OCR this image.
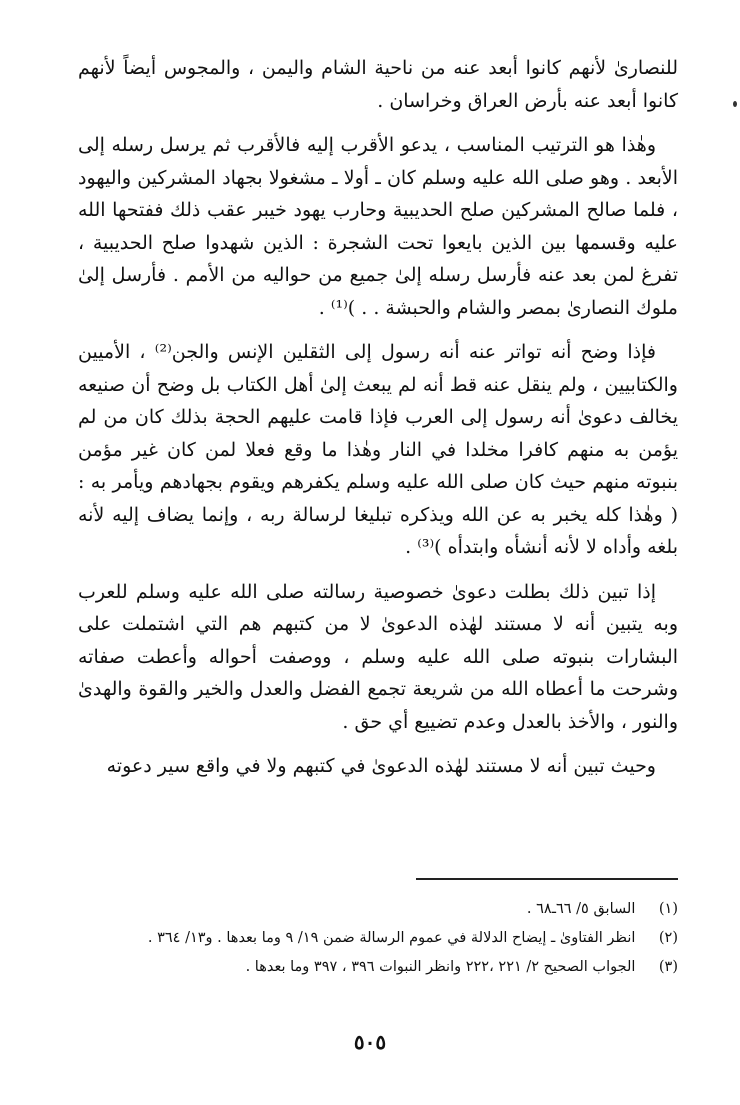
للنصارىٰ لأنهم كانوا أبعد عنه من ناحية الشام واليمن ، والمجوس أيضاً لأنهم كانوا أبعد عنه بأرض العراق وخراسان .

وهٰذا هو الترتيب المناسب ، يدعو الأقرب إليه فالأقرب ثم يرسل رسله إلى الأبعد . وهو صلى الله عليه وسلم كان ـ أولا ـ مشغولا بجهاد المشركين واليهود ، فلما صالح المشركين صلح الحديبية وحارب يهود خيبر عقب ذلك ففتحها الله عليه وقسمها بين الذين بايعوا تحت الشجرة : الذين شهدوا صلح الحديبية ، تفرغ لمن بعد عنه فأرسل رسله إلىٰ جميع من حواليه من الأمم . فأرسل إلىٰ ملوك النصارىٰ بمصر والشام والحبشة . . )⁽¹⁾ .

فإذا وضح أنه تواتر عنه أنه رسول إلى الثقلين الإنس والجن⁽²⁾ ، الأميين والكتابيين ، ولم ينقل عنه قط أنه لم يبعث إلىٰ أهل الكتاب بل وضح أن صنيعه يخالف دعوىٰ أنه رسول إلى العرب فإذا قامت عليهم الحجة بذلك كان من لم يؤمن به منهم كافرا مخلدا في النار وهٰذا ما وقع فعلا لمن كان غير مؤمن بنبوته منهم حيث كان صلى الله عليه وسلم يكفرهم ويقوم بجهادهم ويأمر به : ( وهٰذا كله يخبر به عن الله ويذكره تبليغا لرسالة ربه ، وإنما يضاف إليه لأنه بلغه وأداه لا لأنه أنشأه وابتدأه )⁽³⁾ .

إذا تبين ذلك بطلت دعوىٰ خصوصية رسالته صلى الله عليه وسلم للعرب وبه يتبين أنه لا مستند لهٰذه الدعوىٰ لا من كتبهم هم التي اشتملت على البشارات بنبوته صلى الله عليه وسلم ، ووصفت أحواله وأعطت صفاته وشرحت ما أعطاه الله من شريعة تجمع الفضل والعدل والخير والقوة والهدىٰ والنور ، والأخذ بالعدل وعدم تضييع أي حق .

وحيث تبين أنه لا مستند لهٰذه الدعوىٰ في كتبهم ولا في واقع سير دعوته

(١) السابق ٥/ ٦٦ـ٦٨ .
(٢) انظر الفتاوىٰ ـ إيضاح الدلالة في عموم الرسالة ضمن ١٩/ ٩ وما بعدها . و١٣/ ٣٦٤ .
(٣) الجواب الصحيح ٢/ ٢٢١ ،٢٢٢ وانظر النبوات ٣٩٦ ، ٣٩٧ وما بعدها .
٥٠٥
